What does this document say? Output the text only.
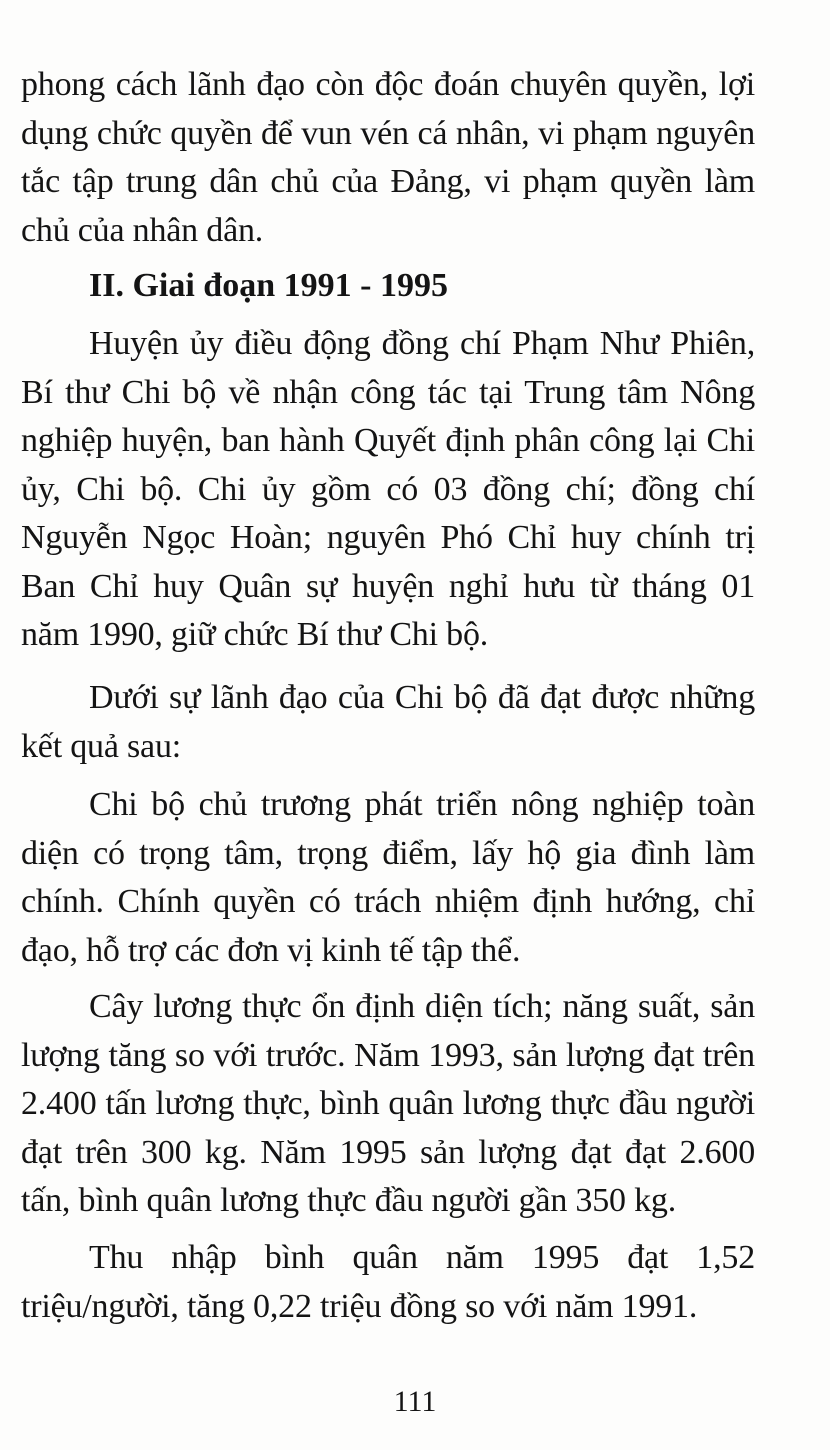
phong cách lãnh đạo còn độc đoán chuyên quyền, lợi dụng chức quyền để vun vén cá nhân, vi phạm nguyên tắc tập trung dân chủ của Đảng, vi phạm quyền làm chủ của nhân dân.

II. Giai đoạn 1991 - 1995

Huyện ủy điều động đồng chí Phạm Như Phiên, Bí thư Chi bộ về nhận công tác tại Trung tâm Nông nghiệp huyện, ban hành Quyết định phân công lại Chi ủy, Chi bộ. Chi ủy gồm có 03 đồng chí; đồng chí Nguyễn Ngọc Hoàn; nguyên Phó Chỉ huy chính trị Ban Chỉ huy Quân sự huyện nghỉ hưu từ tháng 01 năm 1990, giữ chức Bí thư Chi bộ.

Dưới sự lãnh đạo của Chi bộ đã đạt được những kết quả sau:

Chi bộ chủ trương phát triển nông nghiệp toàn diện có trọng tâm, trọng điểm, lấy hộ gia đình làm chính. Chính quyền có trách nhiệm định hướng, chỉ đạo, hỗ trợ các đơn vị kinh tế tập thể.

Cây lương thực ổn định diện tích; năng suất, sản lượng tăng so với trước. Năm 1993, sản lượng đạt trên 2.400 tấn lương thực, bình quân lương thực đầu người đạt trên 300 kg. Năm 1995 sản lượng đạt đạt 2.600 tấn, bình quân lương thực đầu người gần 350 kg.

Thu nhập bình quân năm 1995 đạt 1,52 triệu/người, tăng 0,22 triệu đồng so với năm 1991.

111
